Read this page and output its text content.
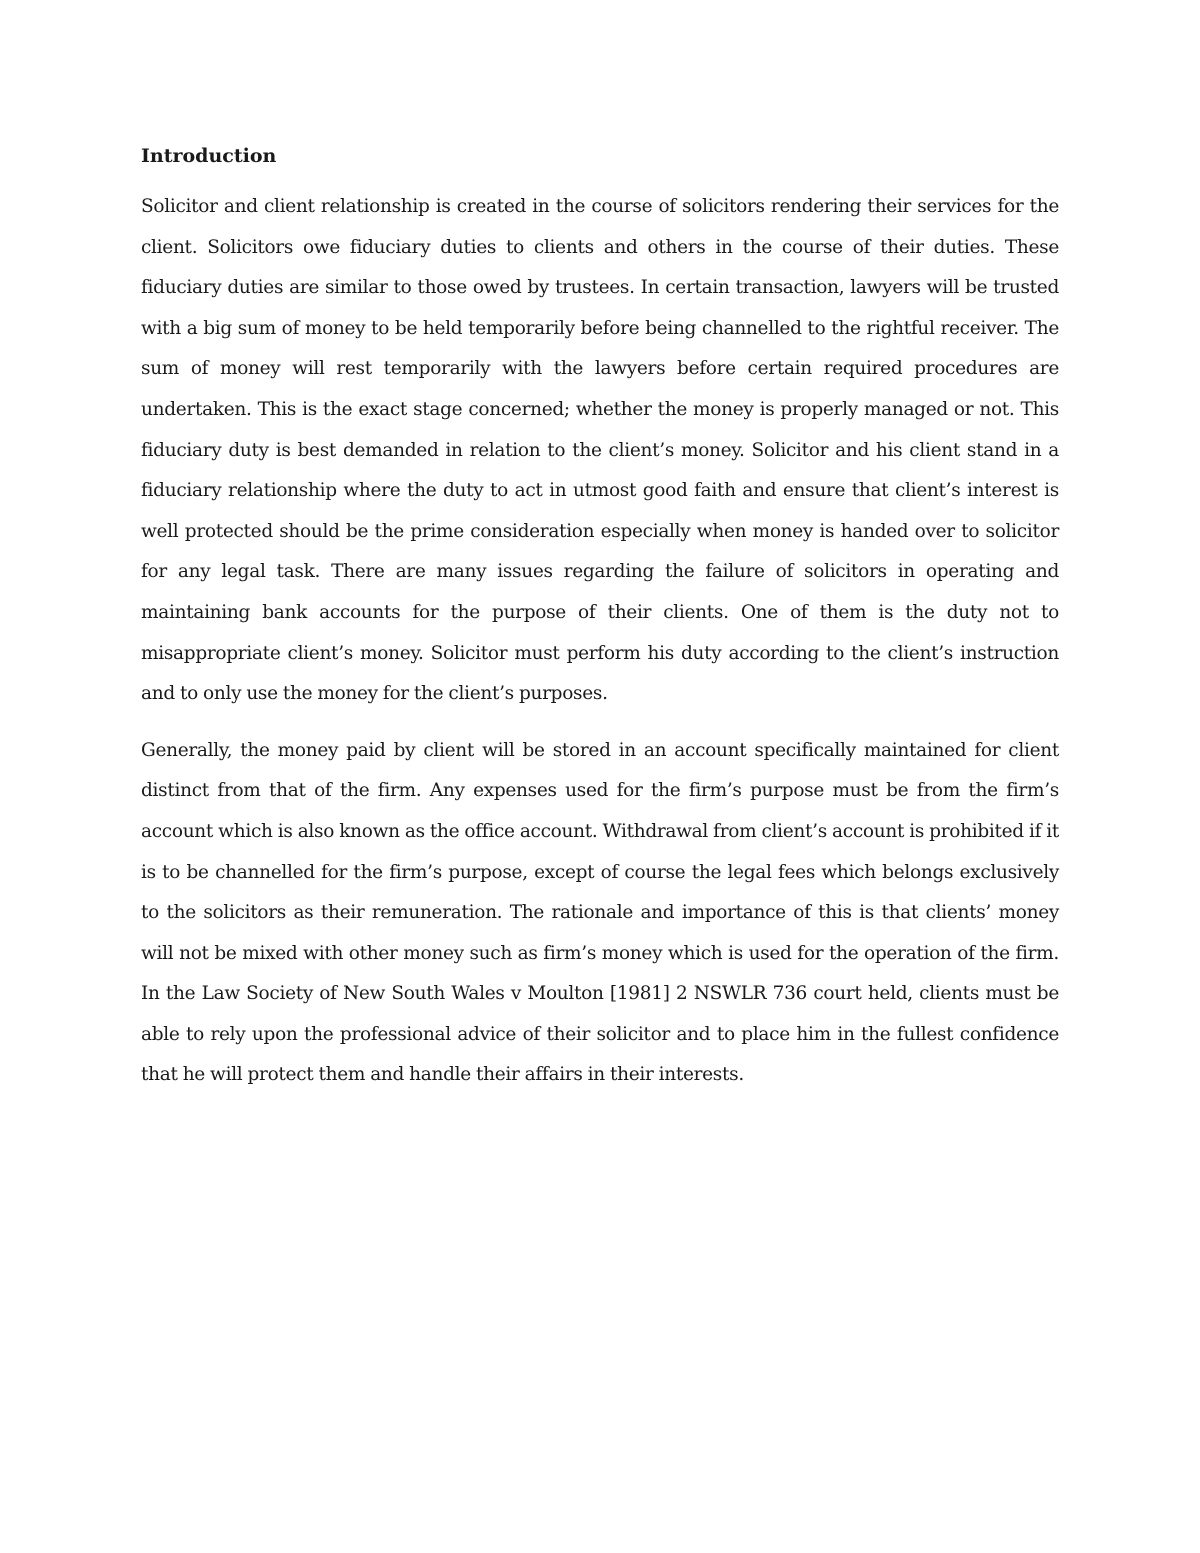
Introduction

Solicitor and client relationship is created in the course of solicitors rendering their services for the client. Solicitors owe fiduciary duties to clients and others in the course of their duties. These fiduciary duties are similar to those owed by trustees. In certain transaction, lawyers will be trusted with a big sum of money to be held temporarily before being channelled to the rightful receiver. The sum of money will rest temporarily with the lawyers before certain required procedures are undertaken. This is the exact stage concerned; whether the money is properly managed or not. This fiduciary duty is best demanded in relation to the client’s money. Solicitor and his client stand in a fiduciary relationship where the duty to act in utmost good faith and ensure that client’s interest is well protected should be the prime consideration especially when money is handed over to solicitor for any legal task. There are many issues regarding the failure of solicitors in operating and maintaining bank accounts for the purpose of their clients. One of them is the duty not to misappropriate client’s money. Solicitor must perform his duty according to the client’s instruction and to only use the money for the client’s purposes.

Generally, the money paid by client will be stored in an account specifically maintained for client distinct from that of the firm. Any expenses used for the firm’s purpose must be from the firm’s account which is also known as the office account. Withdrawal from client’s account is prohibited if it is to be channelled for the firm’s purpose, except of course the legal fees which belongs exclusively to the solicitors as their remuneration. The rationale and importance of this is that clients’ money will not be mixed with other money such as firm’s money which is used for the operation of the firm. In the Law Society of New South Wales v Moulton [1981] 2 NSWLR 736 court held, clients must be able to rely upon the professional advice of their solicitor and to place him in the fullest confidence that he will protect them and handle their affairs in their interests.
